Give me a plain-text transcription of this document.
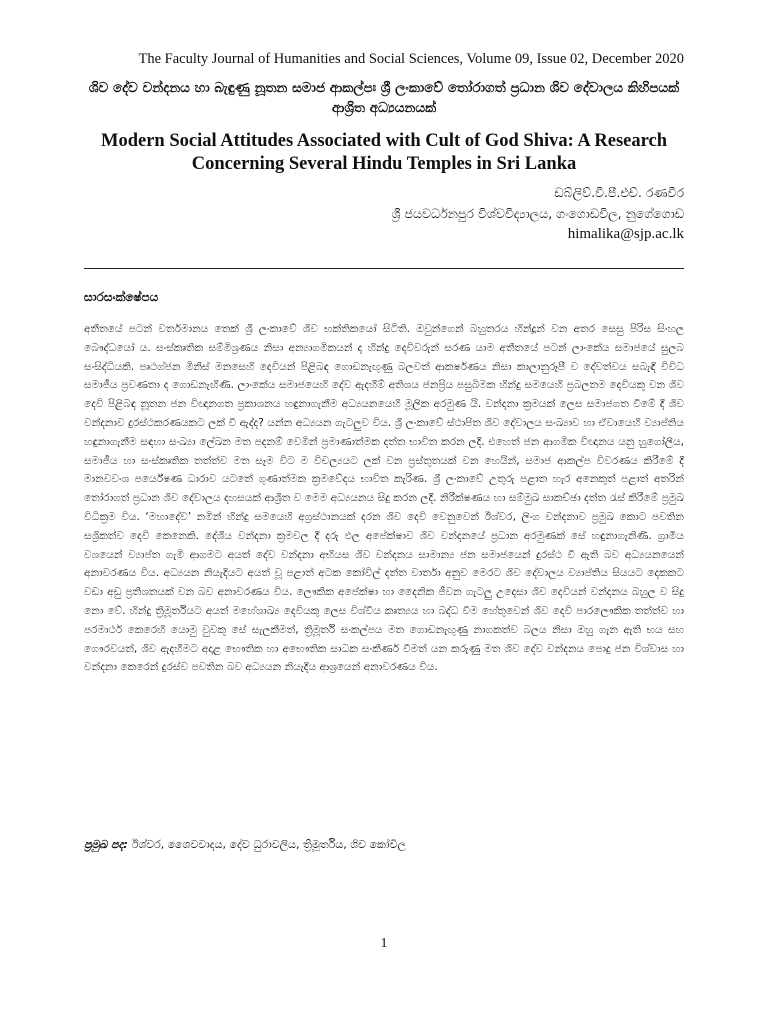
The Faculty Journal of Humanities and Social Sciences, Volume 09, Issue 02, December 2020
ශිව දේව වන්දනය හා බැඳුණු නූතන සමාජ ආකල්පඃ ශ්‍රී ලංකාවේ තෝරාගත් ප්‍රධාන ශිව දේවාලය කිහිපයක් ආශ්‍රිත අධ්‍යයනයක්
Modern Social Attitudes Associated with Cult of God Shiva: A Research Concerning Several Hindu Temples in Sri Lanka
ඩබ්ලිව්.වී.පී.එච්. රණවීර
ශ්‍රී ජයවර්ධනපුර විශ්වවිද්‍යාලය, ගංගොඩවිල, නුගේගොඩ
himalika@sjp.ac.lk
සාරසංක්ෂේපය
අතීතයේ පටන් වර්තමානය තෙක් ශ්‍රී ලංකාවේ ශිව භක්තිකයෝ සිටිති. ඔවුන්ගෙන් බහුතරය හින්දූන් වන අතර සෙසු පිරිස සිංහල බෞද්ධයෝ ය. සංස්කෘතික සම්මිශ්‍රණය නිසා අන්‍යාගමිකයන් ද හින්දු දෙවිවරුන් සරණ යාම අතීතයේ පටන් ලාංකේය සමාජයේ සුලබ සංසිද්ධියකි. පෘථග්ජන මිනිස් මනසෙහි දෙවියන් පිළිබඳ ගොඩනැඟුණු බලවත් ආකර්ෂණය නිසා කාලානුරූපී ව දේවත්වය සබැඳි විවිධ සමාජීය ප්‍රවණතා ද ගොඩනැඟිණි. ලාංකේය සමාජයෙහි දේව ඇදහීම් අතිශය ජනප්‍රිය පසුබිමක හින්දු සමයෙහි ප්‍රබලතම දෙවියකු වන ශිව දෙවි පිළිබඳ නූතන ජන විඥානගත ප්‍රකාශනය හඳුනාගැනීම අධ්‍යයනයෙහි මූලික අරමුණ යි. වන්දනා ක්‍රමයක් ලෙස සමාජගත වීමේ දී ශිව වන්දනාව දුරස්ථකරණයකට ලක් වී ඇද්ද? යන්න අධ්‍යයන ගැටලුව විය. ශ්‍රී ලංකාවේ ස්ථාපිත ශිව දේවාලය සංඛ්‍යාව හා ඒවායෙහි ව්‍යාප්තිය හඳුනාගැනීම සඳහා සංඛ්‍යා ලේඛන මත පදනම් වෙමින් ප්‍රමාණාත්මක දත්ත භාවිත කරන ලදී. එහෙත් ජන ආගමික විඥානය යනු හුගෝලීය, සමාජීය හා සංස්කෘතික තත්ත්ව මත සෑම විට ම විචල්‍යයට ලක් වන ප්‍රස්තුතයක් වන හෙයින්, සමාජ ආකල්ප විවරණය කිරීමේ දී මානවවංශ පර්යේෂණ ධාරාව යටතේ ගුණාත්මක ක්‍රමවේදය භාවිත කැරිණ. ශ්‍රී ලංකාවේ උතුරු පළාත හැර අනෙකුත් පළාත් අතරින් තෝරාගත් ප්‍රධාන ශිව දේවාලය දහසයක් ආශ්‍රිත ව මෙම අධ්‍යයනය සිදු කරන ලදී. නිරීක්ෂණය හා සම්මුඛ සාකච්ඡා දත්ත රැස් කිරීමේ ප්‍රමුඛ විධික්‍රම විය. ‘මහාදේව’ නමින් හින්දු සමයෙහි අග්‍රස්ථානයක් දරන ශිව දෙවි වෙනුවෙන් ඊශ්වර, ලිංග වන්දනාව ප්‍රමුඛ කොට පවතින සශ්‍රිකත්ව දෙවි කෙනෙකි. දේශීය වන්දනා ක්‍රමවල දී දරු ඵල අපේක්ෂාව ශිව වන්දනයේ ප්‍රධාන අරමුණක් සේ හඳුනාගැනිණි. ග්‍රාමීය වශයෙන් ව්‍යාප්ත ගැමි ආගමට අයත් දේව වන්දනා අභියස ශිව වන්දනය සාමාන්‍ය ජන සමාජයෙන් දුරස්ථ වී ඇති බව අධ්‍යයනයෙන් අනාවරණය විය. අධ්‍යයන නියැදියට අයත් වූ පළාත් අටක කෝවිල් දත්ත වාර්තා අනුව මෙරට ශිව දේවාලය ව්‍යාප්තිය සියයට දෙකකට වඩා අඩු ප්‍රතිශතයක් වන බව අනාවරණය විය. ලෞකික අපේක්ෂා හා දෛනික ජීවන ගැටලු උදෙසා ශිව දෙවියන් වන්දනය බහුල ව සිදු නො වේ. හින්දු ත්‍රිමූර්තියට අයත් මහේශාඛ්‍ය දෙවියකු ලෙස විශ්වීය කෘත්‍යය හා බද්ධ වීම හේතුවෙන් ශිව දෙවි පාරලෞකික තත්ත්ව හා පරමාර්ථ කෙරෙහි යොමු වුවකු සේ සැලකීමත්, ත්‍රිමූර්ති සංකල්පය මත ගොඩනැඟුණු නාගකත්ව බලය නිසා ඔහු ගැන ඇති භය සහ ගෞරවයත්, ශිව ඇදහීමට අදාළ භෞතික හා අභෞතික සාධක සංකීර්ණ වීමත් යන කරුණු මත ශිව දේව වන්දනය පොදු ජන විශ්වාස හා වන්දනා කෙරෙන් දුරස්ව පවතින බව අධ්‍යයන නියැදිය ආශ්‍රයෙන් අනාවරණය විය.
ප්‍රමුඛ පද: ඊශ්වර, ශෛවවාදය, දේව ධුරාවලිය, ත්‍රිමූර්තිය, ශිව කෝවිල
1
